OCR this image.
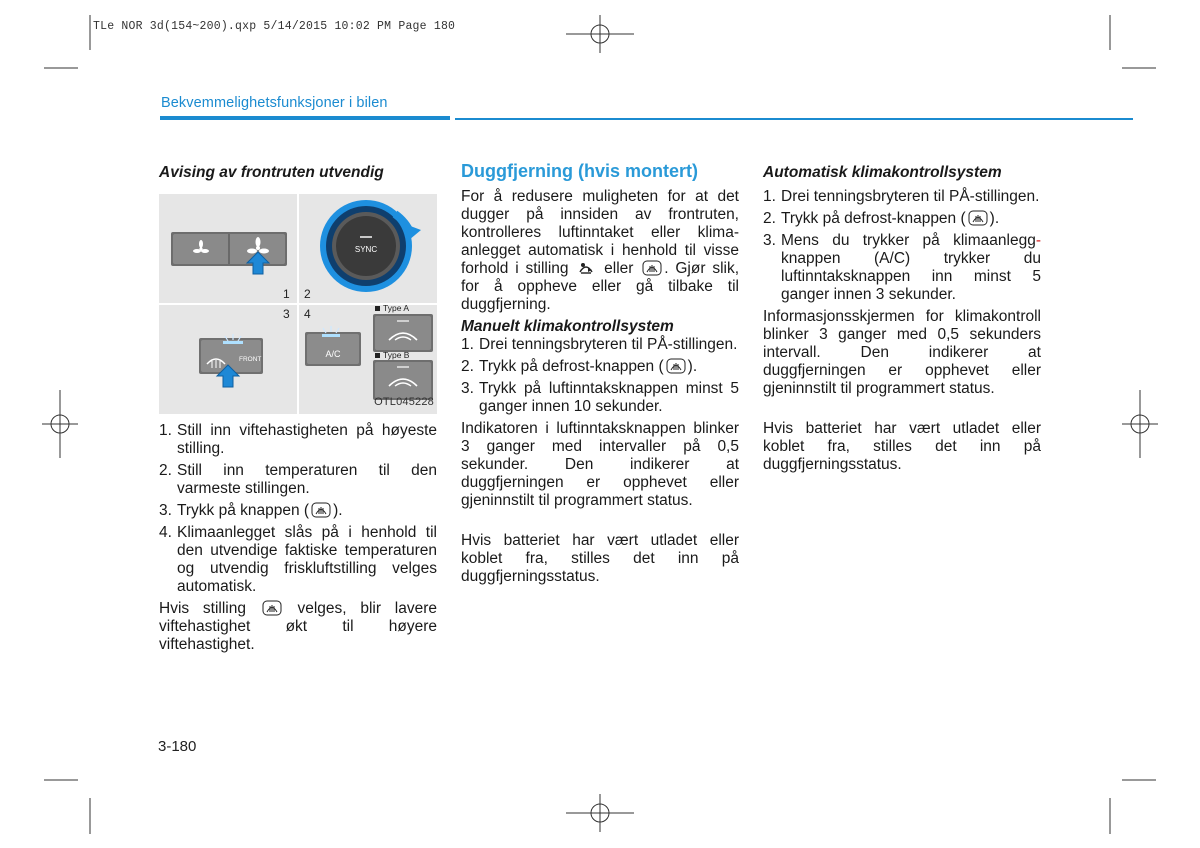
TLe NOR 3d(154~200).qxp 5/14/2015 10:02 PM Page 180
Bekvemmelighetsfunksjoner i bilen
Avising av frontruten utvendig
SYNC
1 2
3 4
FRONT
A/C
Type A
Type B
OTL045228
1. Still inn viftehastigheten på høyeste stilling.
2. Still inn temperaturen til den varmeste stillingen.
3. Trykk på knappen ( ).
4. Klimaanlegget slås på i henhold til den utvendige faktiske temperaturen og utvendig friskluftstilling velges automatisk.

Hvis stilling  velges, blir lavere viftehastighet økt til høyere viftehastighet.

Duggfjerning (hvis montert)

For å redusere muligheten for at det dugger på innsiden av frontruten, kontrolleres luftinntaket eller klima-anlegget automatisk i henhold til visse forhold i stilling  eller . Gjør slik, for å oppheve eller gå tilbake til duggfjerning.

Manuelt klimakontrollsystem
1. Drei tenningsbryteren til PÅ-stillingen.
2. Trykk på defrost-knappen ( ).
3. Trykk på luftinntaksknappen minst 5 ganger innen 10 sekunder.

Indikatoren i luftinntaksknappen blinker 3 ganger med intervaller på 0,5 sekunder. Den indikerer at duggfjerningen er opphevet eller gjeninnstilt til programmert status.

Hvis batteriet har vært utladet eller koblet fra, stilles det inn på duggfjerningsstatus.

Automatisk klimakontrollsystem
1. Drei tenningsbryteren til PÅ-stillingen.
2. Trykk på defrost-knappen ( ).
3. Mens du trykker på klimaanlegg- knappen (A/C) trykker du luftinntaksknappen inn minst 5 ganger innen 3 sekunder.

Informasjonsskjermen for klimakontroll blinker 3 ganger med 0,5 sekunders intervall. Den indikerer at duggfjerningen er opphevet eller gjeninnstilt til programmert status.

Hvis batteriet har vært utladet eller koblet fra, stilles det inn på duggfjerningsstatus.

3-180
